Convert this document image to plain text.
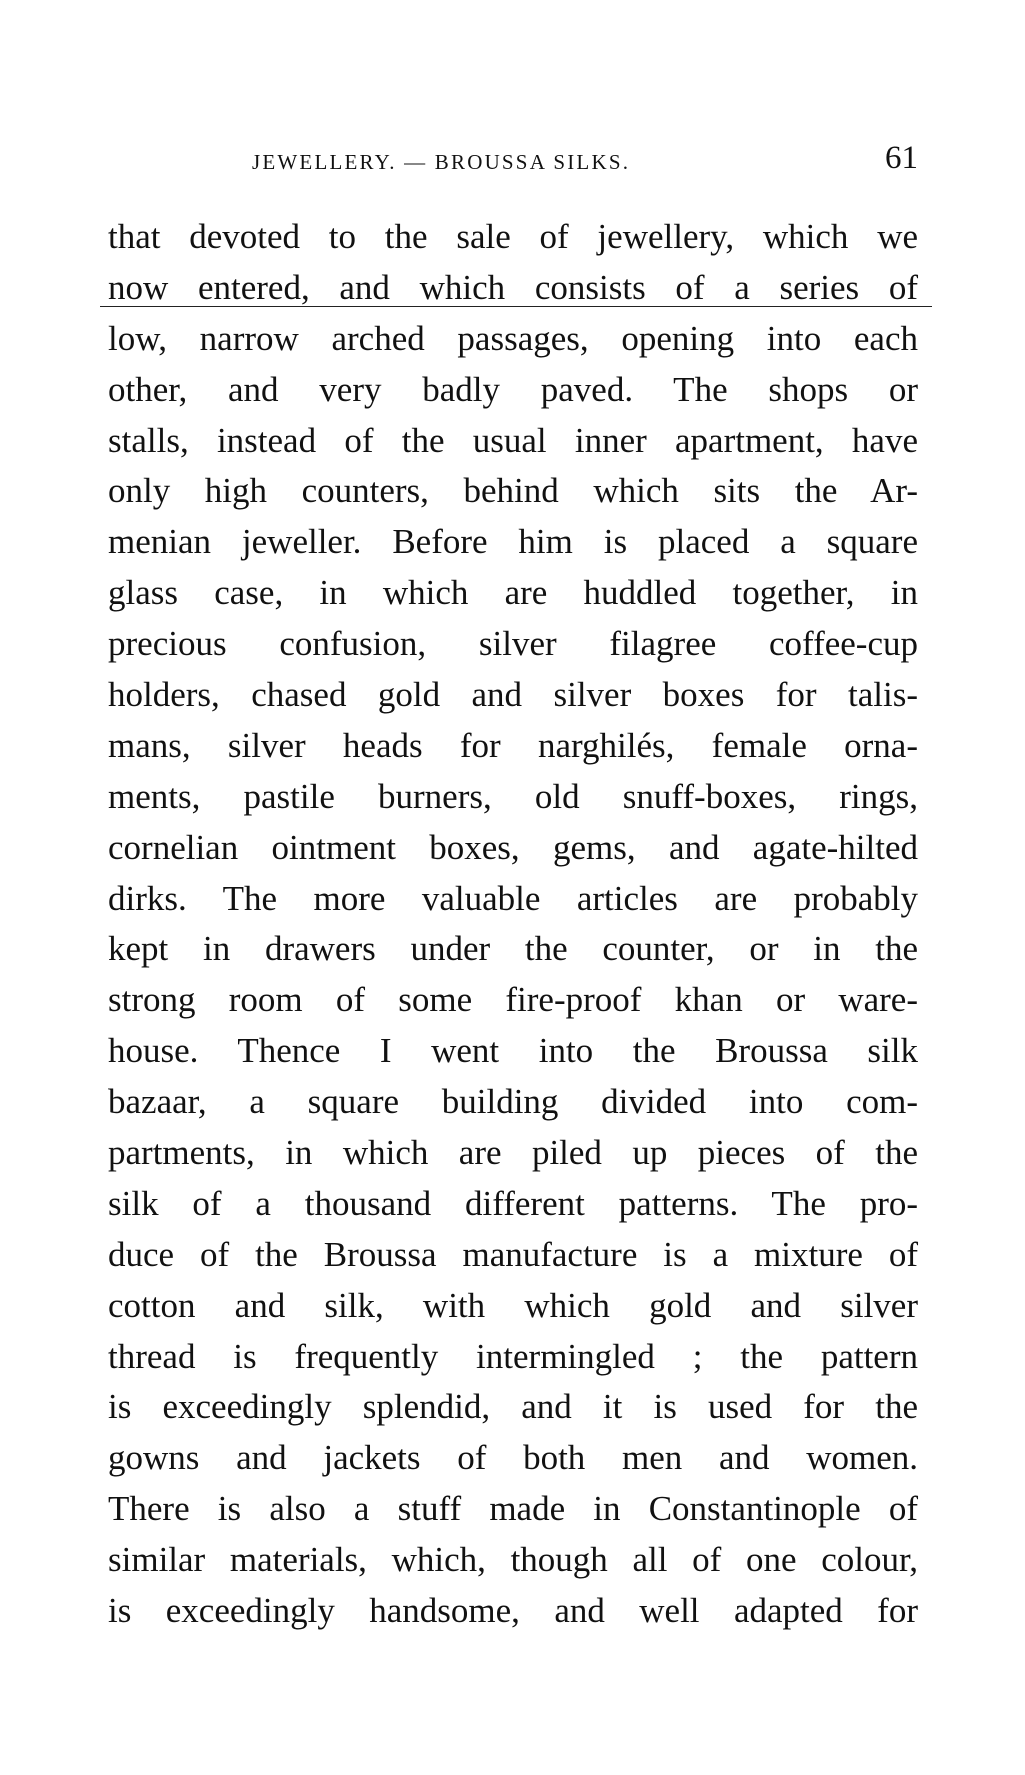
JEWELLERY. — BROUSSA SILKS.	61
that devoted to the sale of jewellery, which we
now entered, and which consists of a series of
low, narrow arched passages, opening into each
other, and very badly paved. The shops or
stalls, instead of the usual inner apartment, have
only high counters, behind which sits the Ar-
menian jeweller. Before him is placed a square
glass case, in which are huddled together, in
precious confusion, silver filagree coffee-cup
holders, chased gold and silver boxes for talis-
mans, silver heads for narghilés, female orna-
ments, pastile burners, old snuff-boxes, rings,
cornelian ointment boxes, gems, and agate-hilted
dirks. The more valuable articles are probably
kept in drawers under the counter, or in the
strong room of some fire-proof khan or ware-
house. Thence I went into the Broussa silk
bazaar, a square building divided into com-
partments, in which are piled up pieces of the
silk of a thousand different patterns. The pro-
duce of the Broussa manufacture is a mixture of
cotton and silk, with which gold and silver
thread is frequently intermingled ; the pattern
is exceedingly splendid, and it is used for the
gowns and jackets of both men and women.
There is also a stuff made in Constantinople of
similar materials, which, though all of one colour,
is exceedingly handsome, and well adapted for
